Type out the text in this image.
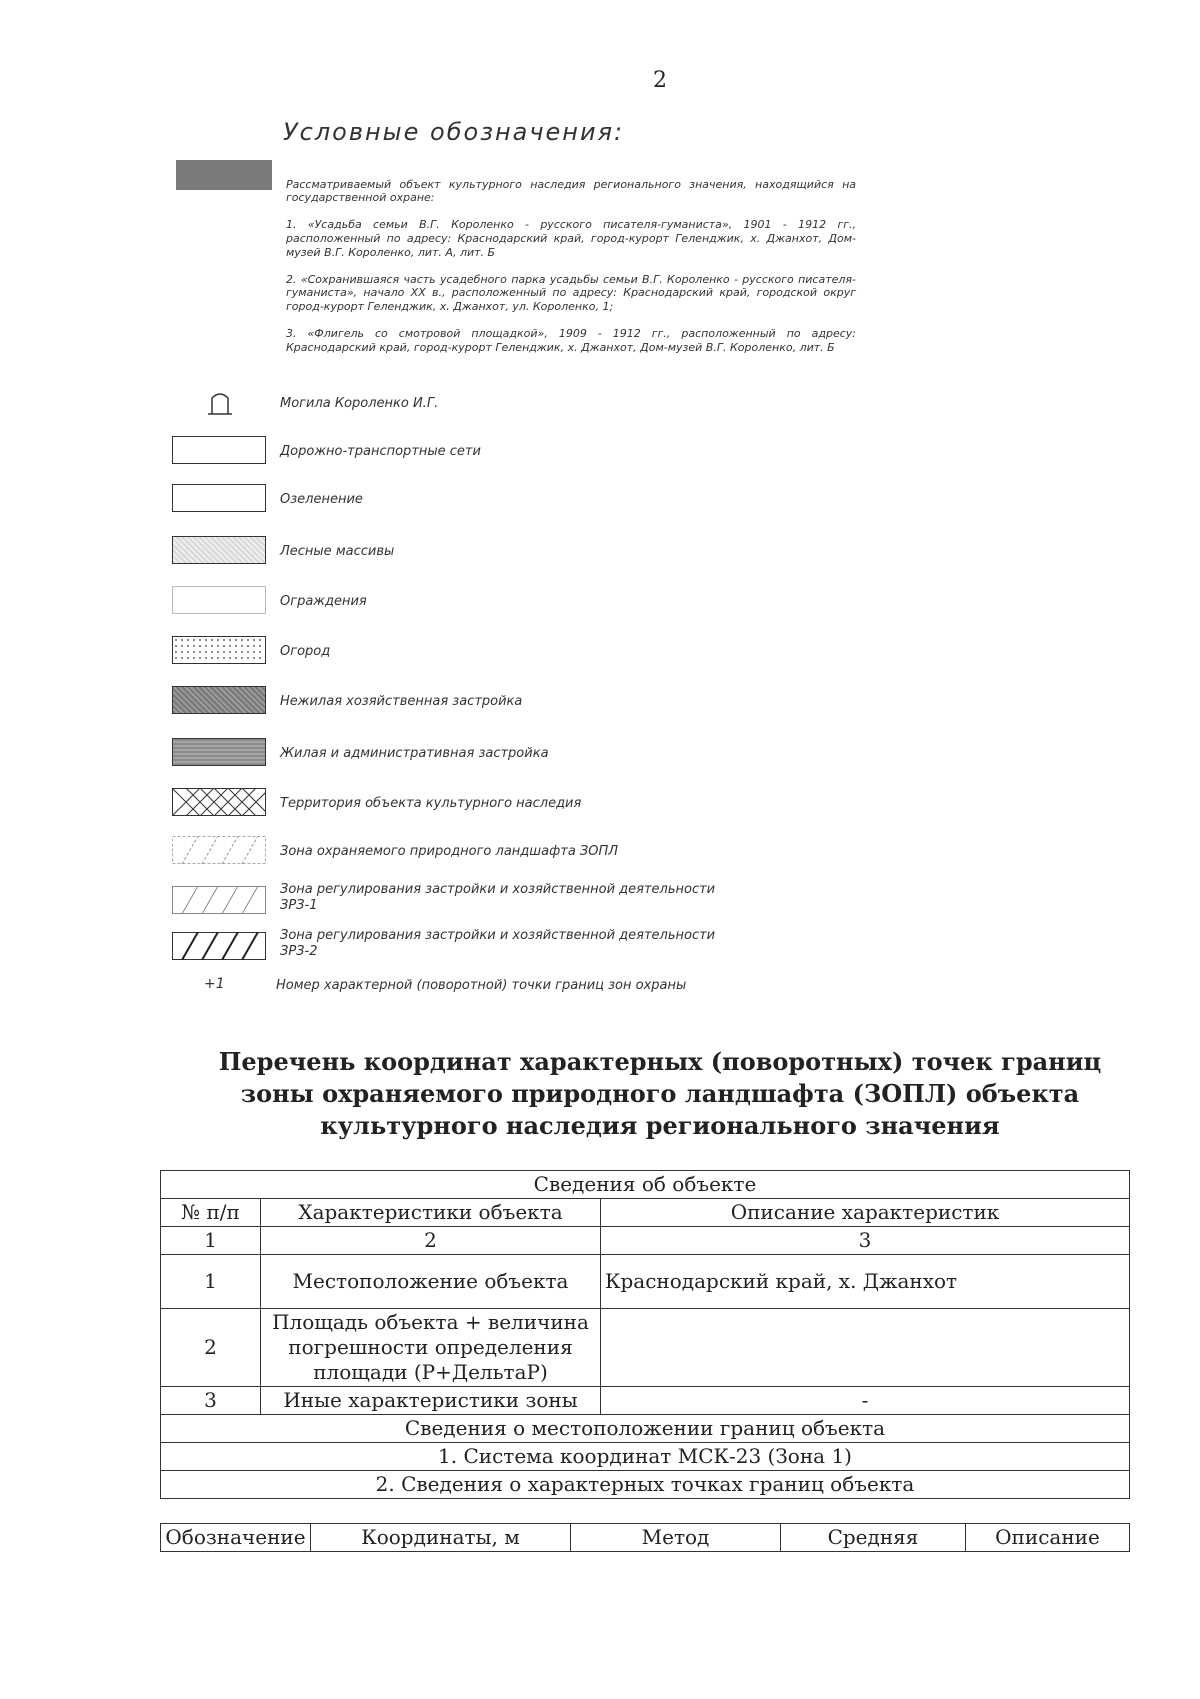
2
Условные обозначения:

Рассматриваемый объект культурного наследия регионального значения, находящийся на государственной охране:

1. «Усадьба семьи В.Г. Короленко - русского писателя-гуманиста», 1901 - 1912 гг., расположенный по адресу: Краснодарский край, город-курорт Геленджик, х. Джанхот, Дом-музей В.Г. Короленко, лит. А, лит. Б

2. «Сохранившаяся часть усадебного парка усадьбы семьи В.Г. Короленко - русского писателя-гуманиста», начало XX в., расположенный по адресу: Краснодарский край, городской округ город-курорт Геленджик, х. Джанхот, ул. Короленко, 1;

3. «Флигель со смотровой площадкой», 1909 - 1912 гг., расположенный по адресу: Краснодарский край, город-курорт Геленджик, х. Джанхот, Дом-музей В.Г. Короленко, лит. Б

Могила Короленко И.Г.
Дорожно-транспортные сети
Озеленение
Лесные массивы
Ограждения
Огород
Нежилая хозяйственная застройка
Жилая и административная застройка
Территория объекта культурного наследия
Зона охраняемого природного ландшафта ЗОПЛ
Зона регулирования застройки и хозяйственной деятельности
ЗРЗ-1
Зона регулирования застройки и хозяйственной деятельности
ЗРЗ-2
+1	Номер характерной (поворотной) точки границ зон охраны
Перечень координат характерных (поворотных) точек границ зоны охраняемого природного ландшафта (ЗОПЛ) объекта культурного наследия регионального значения
Сведения об объекте		
№ п/п	Характеристики объекта	Описание характеристик
1	2	3
1	Местоположение объекта	Краснодарский край, х. Джанхот
2	Площадь объекта + величина погрешности определения площади (P+ДельтаP)	
3	Иные характеристики зоны	-
Сведения о местоположении границ объекта		
1. Система координат МСК-23 (Зона 1)		
2. Сведения о характерных точках границ объекта		
Обозначение	Координаты, м	Метод	Средняя	Описание
